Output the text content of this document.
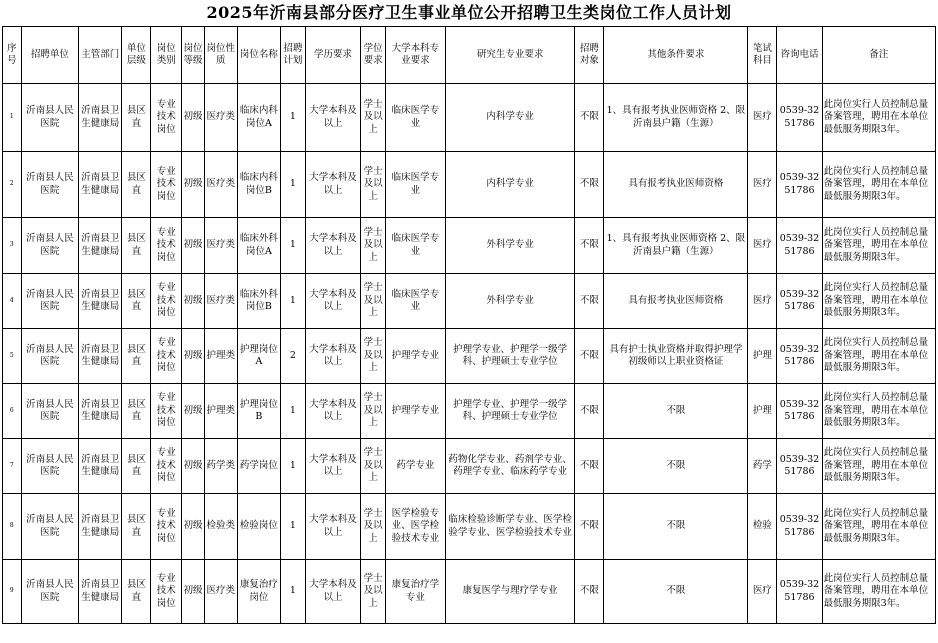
2025年沂南县部分医疗卫生事业单位公开招聘卫生类岗位工作人员计划
序号	招聘单位	主管部门	单位层级	岗位类别	岗位等级	岗位性质	岗位名称	招聘计划	学历要求	学位要求	大学本科专业要求	研究生专业要求	招聘对象	其他条件要求	笔试科目	咨询电话	备注
1	沂南县人民医院	沂南县卫生健康局	县区直	专业技术岗位	初级	医疗类	临床内科岗位A	1	大学本科及以上	学士及以上	临床医学专业	内科学专业	不限	1、具有报考执业医师资格 2、限沂南县户籍（生源）	医疗	0539-3251786	此岗位实行人员控制总量备案管理，聘用在本单位最低服务期限3年。
2	沂南县人民医院	沂南县卫生健康局	县区直	专业技术岗位	初级	医疗类	临床内科岗位B	1	大学本科及以上	学士及以上	临床医学专业	内科学专业	不限	具有报考执业医师资格	医疗	0539-3251786	此岗位实行人员控制总量备案管理，聘用在本单位最低服务期限3年。
3	沂南县人民医院	沂南县卫生健康局	县区直	专业技术岗位	初级	医疗类	临床外科岗位A	1	大学本科及以上	学士及以上	临床医学专业	外科学专业	不限	1、具有报考执业医师资格 2、限沂南县户籍（生源）	医疗	0539-3251786	此岗位实行人员控制总量备案管理，聘用在本单位最低服务期限3年。
4	沂南县人民医院	沂南县卫生健康局	县区直	专业技术岗位	初级	医疗类	临床外科岗位B	1	大学本科及以上	学士及以上	临床医学专业	外科学专业	不限	具有报考执业医师资格	医疗	0539-3251786	此岗位实行人员控制总量备案管理，聘用在本单位最低服务期限3年。
5	沂南县人民医院	沂南县卫生健康局	县区直	专业技术岗位	初级	护理类	护理岗位A	2	大学本科及以上	学士及以上	护理学专业	护理学专业、护理学一级学科、护理硕士专业学位	不限	具有护士执业资格并取得护理学初级师以上职业资格证	护理	0539-3251786	此岗位实行人员控制总量备案管理，聘用在本单位最低服务期限3年。
6	沂南县人民医院	沂南县卫生健康局	县区直	专业技术岗位	初级	护理类	护理岗位B	1	大学本科及以上	学士及以上	护理学专业	护理学专业、护理学一级学科、护理硕士专业学位	不限	不限	护理	0539-3251786	此岗位实行人员控制总量备案管理，聘用在本单位最低服务期限3年。
7	沂南县人民医院	沂南县卫生健康局	县区直	专业技术岗位	初级	药学类	药学岗位	1	大学本科及以上	学士及以上	药学专业	药物化学专业、药剂学专业、药理学专业、临床药学专业	不限	不限	药学	0539-3251786	此岗位实行人员控制总量备案管理，聘用在本单位最低服务期限3年。
8	沂南县人民医院	沂南县卫生健康局	县区直	专业技术岗位	初级	检验类	检验岗位	1	大学本科及以上	学士及以上	医学检验专业、医学检验技术专业	临床检验诊断学专业、医学检验学专业、医学检验技术专业	不限	不限	检验	0539-3251786	此岗位实行人员控制总量备案管理，聘用在本单位最低服务期限3年。
9	沂南县人民医院	沂南县卫生健康局	县区直	专业技术岗位	初级	医疗类	康复治疗岗位	1	大学本科及以上	学士及以上	康复治疗学专业	康复医学与理疗学专业	不限	不限	医疗	0539-3251786	此岗位实行人员控制总量备案管理，聘用在本单位最低服务期限3年。
